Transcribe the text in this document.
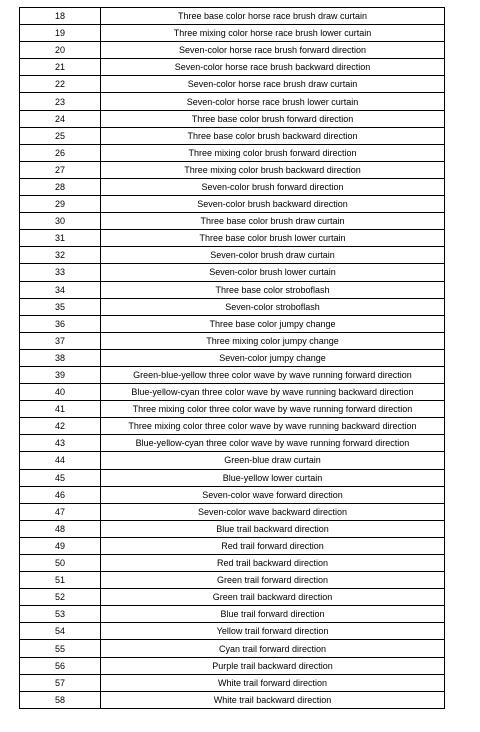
18	Three base color horse race brush draw curtain
19	Three mixing color horse race brush lower curtain
20	Seven-color horse race brush forward direction
21	Seven-color horse race brush backward direction
22	Seven-color horse race brush draw curtain
23	Seven-color horse race brush lower curtain
24	Three base color brush forward direction
25	Three base color brush backward direction
26	Three mixing color brush forward direction
27	Three mixing color brush backward direction
28	Seven-color brush forward direction
29	Seven-color brush backward direction
30	Three base color brush draw curtain
31	Three base color brush lower curtain
32	Seven-color brush draw curtain
33	Seven-color brush lower curtain
34	Three base color stroboflash
35	Seven-color stroboflash
36	Three base color jumpy change
37	Three mixing color jumpy change
38	Seven-color jumpy change
39	Green-blue-yellow three color wave by wave running forward direction
40	Blue-yellow-cyan three color wave by wave running backward direction
41	Three mixing color three color wave by wave running forward direction
42	Three mixing color three color wave by wave running backward direction
43	Blue-yellow-cyan three color wave by wave running forward direction
44	Green-blue draw curtain
45	Blue-yellow lower curtain
46	Seven-color wave forward direction
47	Seven-color wave backward direction
48	Blue trail backward direction
49	Red trail forward direction
50	Red trail backward direction
51	Green trail forward direction
52	Green trail backward direction
53	Blue trail forward direction
54	Yellow trail forward direction
55	Cyan trail forward direction
56	Purple trail backward direction
57	White trail forward direction
58	White trail backward direction
